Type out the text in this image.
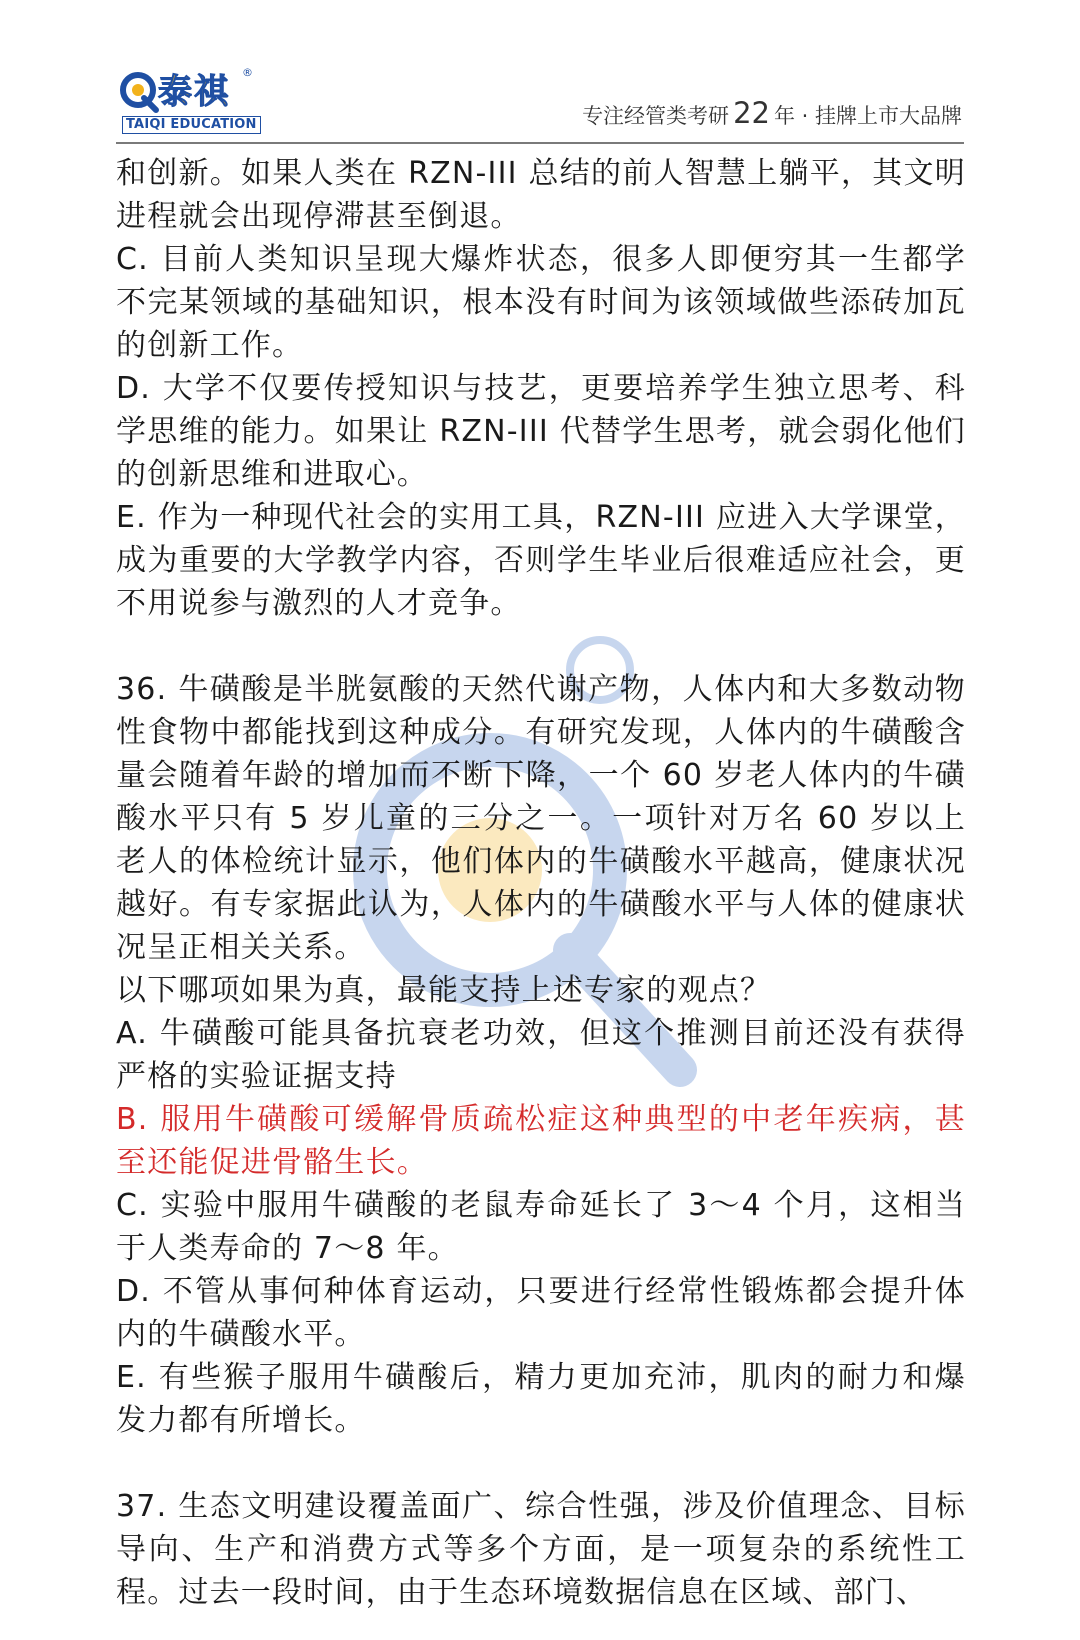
泰祺 ®
TAIQI EDUCATION	专注经管类考研 22 年 · 挂牌上市大品牌

和创新。如果人类在 RZN-III 总结的前人智慧上躺平，其文明进程就会出现停滞甚至倒退。

C. 目前人类知识呈现大爆炸状态，很多人即便穷其一生都学不完某领域的基础知识，根本没有时间为该领域做些添砖加瓦的创新工作。

D. 大学不仅要传授知识与技艺，更要培养学生独立思考、科学思维的能力。如果让 RZN-III 代替学生思考，就会弱化他们的创新思维和进取心。

E. 作为一种现代社会的实用工具，RZN-III 应进入大学课堂，成为重要的大学教学内容，否则学生毕业后很难适应社会，更不用说参与激烈的人才竞争。

36. 牛磺酸是半胱氨酸的天然代谢产物，人体内和大多数动物性食物中都能找到这种成分。有研究发现，人体内的牛磺酸含量会随着年龄的增加而不断下降，一个 60 岁老人体内的牛磺酸水平只有 5 岁儿童的三分之一。一项针对万名 60 岁以上老人的体检统计显示，他们体内的牛磺酸水平越高，健康状况越好。有专家据此认为，人体内的牛磺酸水平与人体的健康状况呈正相关关系。

以下哪项如果为真，最能支持上述专家的观点？

A. 牛磺酸可能具备抗衰老功效，但这个推测目前还没有获得严格的实验证据支持

B. 服用牛磺酸可缓解骨质疏松症这种典型的中老年疾病，甚至还能促进骨骼生长。

C. 实验中服用牛磺酸的老鼠寿命延长了 3～4 个月，这相当于人类寿命的 7～8 年。

D. 不管从事何种体育运动，只要进行经常性锻炼都会提升体内的牛磺酸水平。

E. 有些猴子服用牛磺酸后，精力更加充沛，肌肉的耐力和爆发力都有所增长。

37. 生态文明建设覆盖面广、综合性强，涉及价值理念、目标导向、生产和消费方式等多个方面，是一项复杂的系统性工程。过去一段时间，由于生态环境数据信息在区域、部门、
